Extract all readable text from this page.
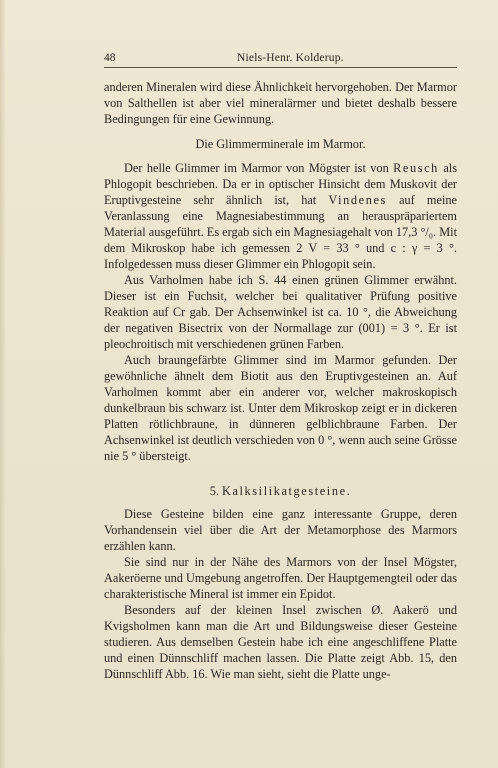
48	Niels-Henr. Kolderup.

anderen Mineralen wird diese Ähnlichkeit hervorgehoben. Der Marmor von Salthellen ist aber viel mineralärmer und bietet deshalb bessere Bedingungen für eine Gewinnung.

Die Glimmerminerale im Marmor.

Der helle Glimmer im Marmor von Mögster ist von Reusch als Phlogopit beschrieben. Da er in optischer Hinsicht dem Muskovit der Eruptivgesteine sehr ähnlich ist, hat Vindenes auf meine Veranlassung eine Magnesiabestimmung an herauspräpariertem Material ausgeführt. Es ergab sich ein Magnesiagehalt von 17,3 °/₀. Mit dem Mikroskop habe ich gemessen 2 V = 33 ° und c : γ = 3 °. Infolgedessen muss dieser Glimmer ein Phlogopit sein.

Aus Varholmen habe ich S. 44 einen grünen Glimmer erwähnt. Dieser ist ein Fuchsit, welcher bei qualitativer Prüfung positive Reaktion auf Cr gab. Der Achsenwinkel ist ca. 10 °, die Abweichung der negativen Bisectrix von der Normallage zur (001) = 3 °. Er ist pleochroitisch mit verschiedenen grünen Farben.

Auch braungefärbte Glimmer sind im Marmor gefunden. Der gewöhnliche ähnelt dem Biotit aus den Eruptivgesteinen an. Auf Varholmen kommt aber ein anderer vor, welcher makroskopisch dunkelbraun bis schwarz ist. Unter dem Mikroskop zeigt er in dickeren Platten rötlichbraune, in dünneren gelblichbraune Farben. Der Achsenwinkel ist deutlich verschieden von 0 °, wenn auch seine Grösse nie 5 ° übersteigt.

5. Kalksilikatgesteine.

Diese Gesteine bilden eine ganz interessante Gruppe, deren Vorhandensein viel über die Art der Metamorphose des Marmors erzählen kann.

Sie sind nur in der Nähe des Marmors von der Insel Mögster, Aakeröerne und Umgebung angetroffen. Der Hauptgemengteil oder das charakteristische Mineral ist immer ein Epidot.

Besonders auf der kleinen Insel zwischen Ø. Aakerö und Kvigsholmen kann man die Art und Bildungsweise dieser Gesteine studieren. Aus demselben Gestein habe ich eine angeschliffene Platte und einen Dünnschliff machen lassen. Die Platte zeigt Abb. 15, den Dünnschliff Abb. 16. Wie man sieht, sieht die Platte unge-
